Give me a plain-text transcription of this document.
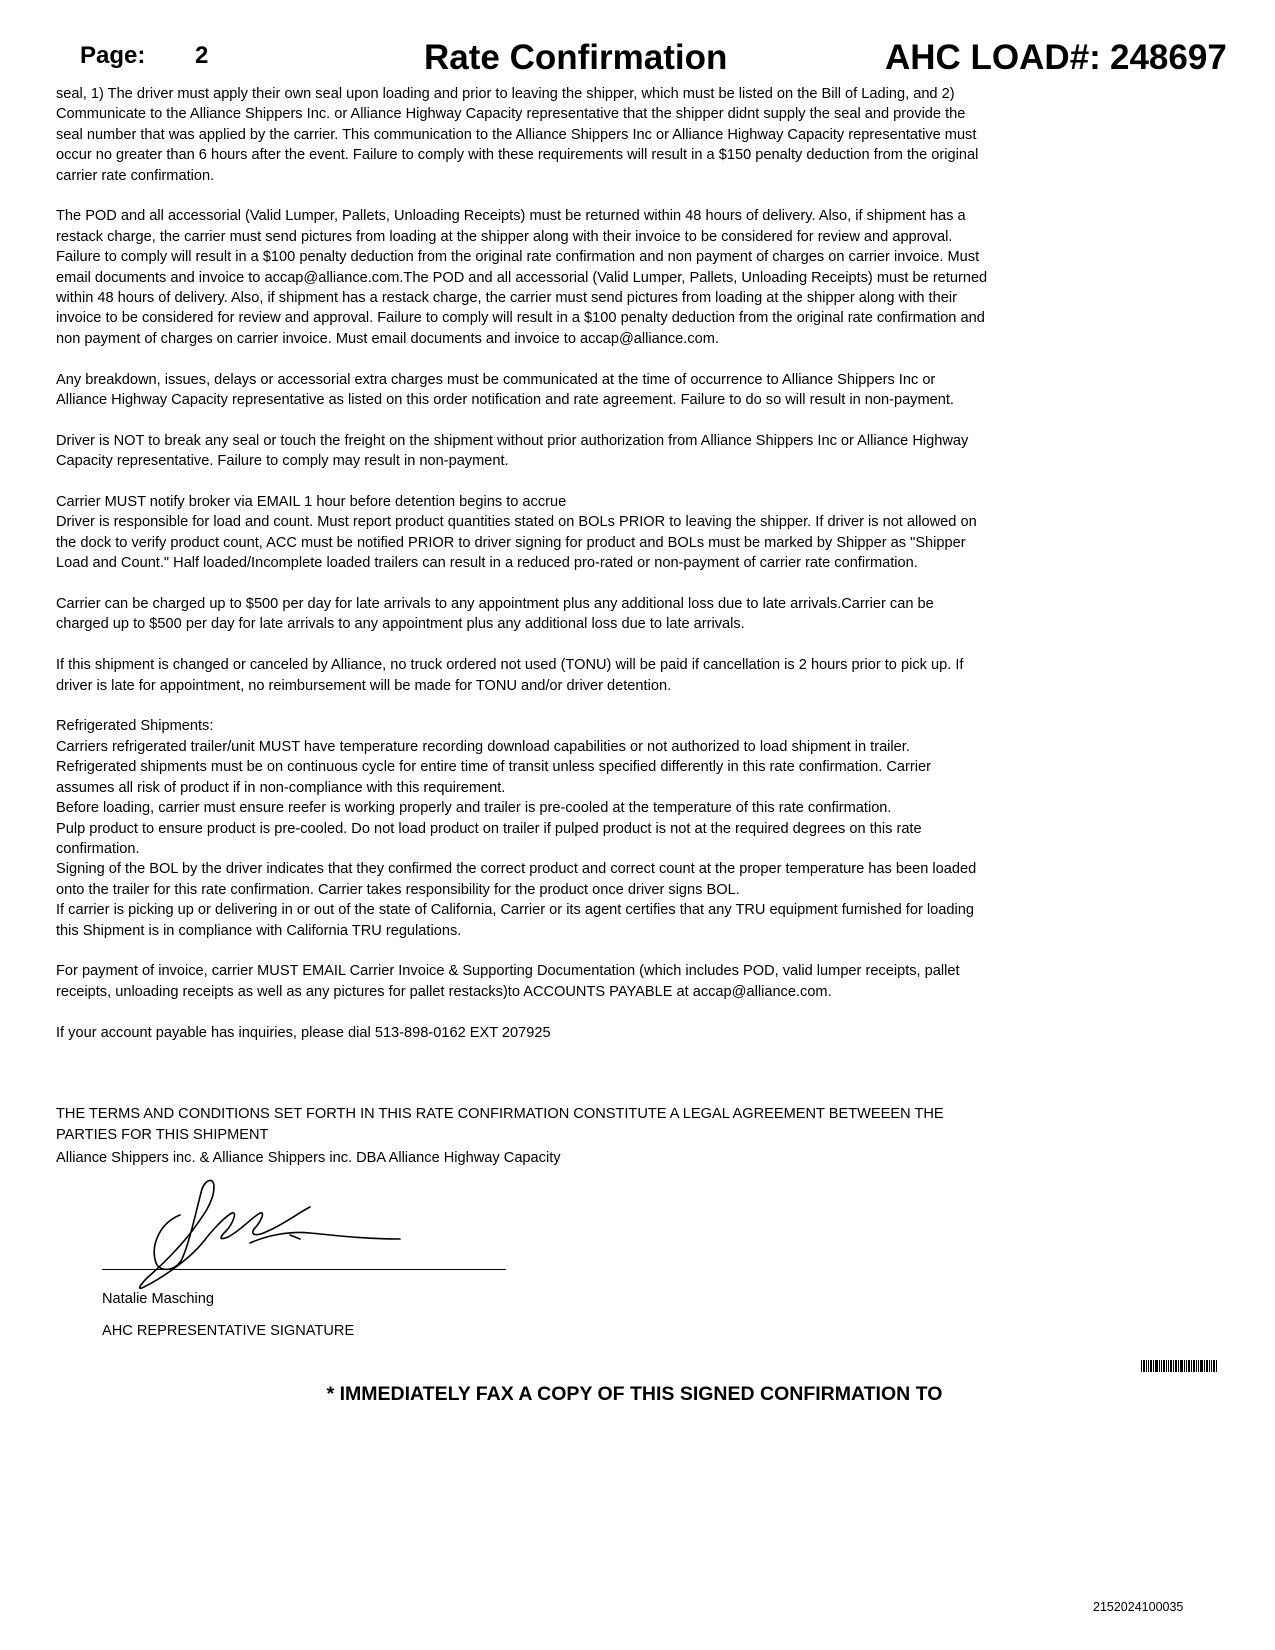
Page: 2	Rate Confirmation	AHC LOAD#: 248697
seal, 1) The driver must apply their own seal upon loading and prior to leaving the shipper, which must be listed on the Bill of Lading, and 2)
Communicate to the Alliance Shippers Inc. or Alliance Highway Capacity representative that the shipper didnt supply the seal and provide the
seal number that was applied by the carrier. This communication to the Alliance Shippers Inc or Alliance Highway Capacity representative must
occur no greater than 6 hours after the event. Failure to comply with these requirements will result in a $150 penalty deduction from the original
carrier rate confirmation.
The POD and all accessorial (Valid Lumper, Pallets, Unloading Receipts) must be returned within 48 hours of delivery. Also, if shipment has a
restack charge, the carrier must send pictures from loading at the shipper along with their invoice to be considered for review and approval.
Failure to comply will result in a $100 penalty deduction from the original rate confirmation and non payment of charges on carrier invoice. Must
email documents and invoice to accap@alliance.com.The POD and all accessorial (Valid Lumper, Pallets, Unloading Receipts) must be returned
within 48 hours of delivery. Also, if shipment has a restack charge, the carrier must send pictures from loading at the shipper along with their
invoice to be considered for review and approval. Failure to comply will result in a $100 penalty deduction from the original rate confirmation and
non payment of charges on carrier invoice. Must email documents and invoice to accap@alliance.com.
Any breakdown, issues, delays or accessorial extra charges must be communicated at the time of occurrence to Alliance Shippers Inc or
Alliance Highway Capacity representative as listed on this order notification and rate agreement. Failure to do so will result in non-payment.
Driver is NOT to break any seal or touch the freight on the shipment without prior authorization from Alliance Shippers Inc or Alliance Highway
Capacity representative. Failure to comply may result in non-payment.
Carrier MUST notify broker via EMAIL 1 hour before detention begins to accrue
Driver is responsible for load and count. Must report product quantities stated on BOLs PRIOR to leaving the shipper. If driver is not allowed on
the dock to verify product count, ACC must be notified PRIOR to driver signing for product and BOLs must be marked by Shipper as "Shipper
Load and Count." Half loaded/Incomplete loaded trailers can result in a reduced pro-rated or non-payment of carrier rate confirmation.
Carrier can be charged up to $500 per day for late arrivals to any appointment plus any additional loss due to late arrivals.Carrier can be
charged up to $500 per day for late arrivals to any appointment plus any additional loss due to late arrivals.
If this shipment is changed or canceled by Alliance, no truck ordered not used (TONU) will be paid if cancellation is 2 hours prior to pick up. If
driver is late for appointment, no reimbursement will be made for TONU and/or driver detention.
Refrigerated Shipments:
Carriers refrigerated trailer/unit MUST have temperature recording download capabilities or not authorized to load shipment in trailer.
Refrigerated shipments must be on continuous cycle for entire time of transit unless specified differently in this rate confirmation. Carrier
assumes all risk of product if in non-compliance with this requirement.
Before loading, carrier must ensure reefer is working properly and trailer is pre-cooled at the temperature of this rate confirmation.
Pulp product to ensure product is pre-cooled. Do not load product on trailer if pulped product is not at the required degrees on this rate
confirmation.
Signing of the BOL by the driver indicates that they confirmed the correct product and correct count at the proper temperature has been loaded
onto the trailer for this rate confirmation. Carrier takes responsibility for the product once driver signs BOL.
If carrier is picking up or delivering in or out of the state of California, Carrier or its agent certifies that any TRU equipment furnished for loading
this Shipment is in compliance with California TRU regulations.
For payment of invoice, carrier MUST EMAIL Carrier Invoice & Supporting Documentation (which includes POD, valid lumper receipts, pallet
receipts, unloading receipts as well as any pictures for pallet restacks)to ACCOUNTS PAYABLE at accap@alliance.com.
If your account payable has inquiries, please dial 513-898-0162 EXT 207925

THE TERMS AND CONDITIONS SET FORTH IN THIS RATE CONFIRMATION CONSTITUTE A LEGAL AGREEMENT BETWEEEN THE
PARTIES FOR THIS SHIPMENT
Alliance Shippers inc. & Alliance Shippers inc. DBA Alliance Highway Capacity
Natalie Masching
AHC REPRESENTATIVE SIGNATURE
* IMMEDIATELY FAX A COPY OF THIS SIGNED CONFIRMATION TO
2152024100035
